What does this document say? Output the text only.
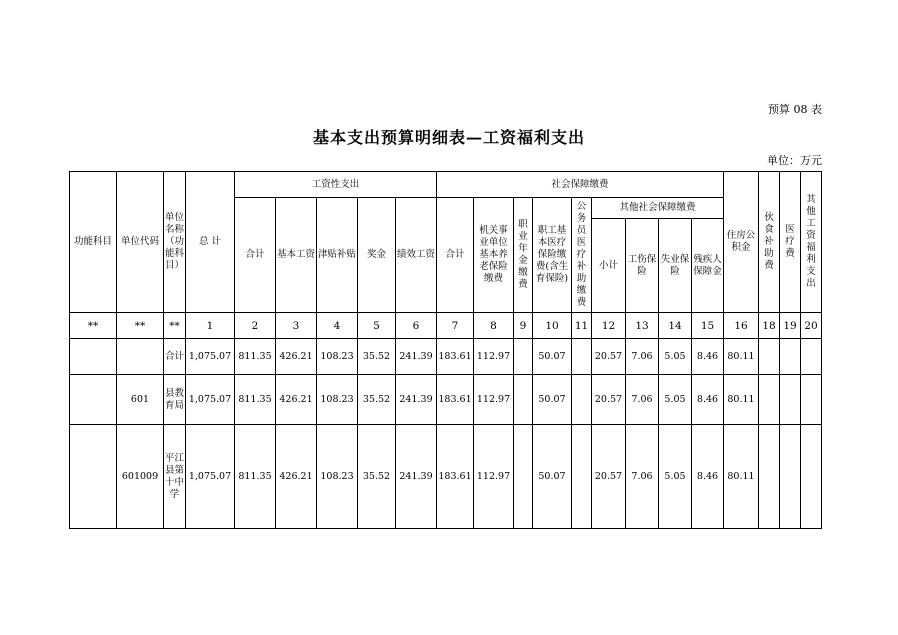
预算 08 表
基本支出预算明细表—工资福利支出
单位：万元
功能科目	单位代码	单位名称（功能科目）	总 计	工资性支出					社会保障缴费									住房公积金	伙食补助费	医疗费	其他工资福利支出
				合计	基本工资	津贴补贴	奖金	绩效工资	合计	机关事业单位基本养老保险缴费	职业年金缴费	职工基本医疗保险缴费(含生育保险)	公务员医疗补助缴费	其他社会保障缴费							
														小计	工伤保险	失业保险	残疾人保障金				
**	**	**	1	2	3	4	5	6	7	8	9	10	11	12	13	14	15	16	18	19	20
		合计	1,075.07	811.35	426.21	108.23	35.52	241.39	183.61	112.97		50.07		20.57	7.06	5.05	8.46	80.11			
	601	县教育局	1,075.07	811.35	426.21	108.23	35.52	241.39	183.61	112.97		50.07		20.57	7.06	5.05	8.46	80.11			
	601009	平江县第十中学	1,075.07	811.35	426.21	108.23	35.52	241.39	183.61	112.97		50.07		20.57	7.06	5.05	8.46	80.11			
